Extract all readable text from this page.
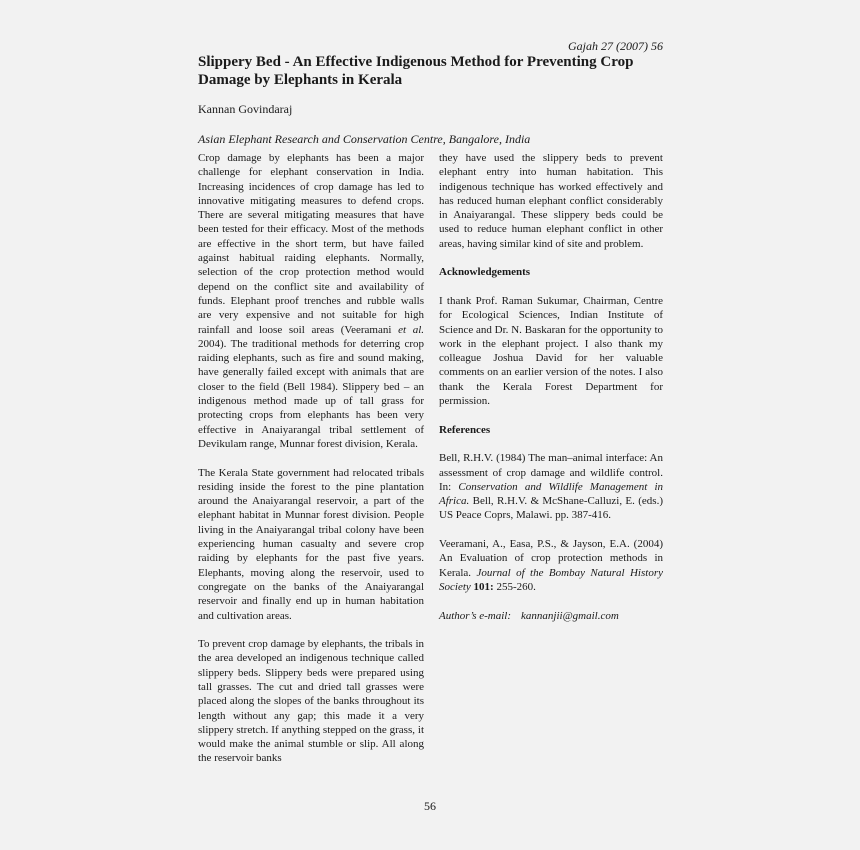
Gajah 27 (2007) 56
Slippery Bed - An Effective Indigenous Method for Preventing Crop Damage by Elephants in Kerala
Kannan Govindaraj
Asian Elephant Research and Conservation Centre, Bangalore, India

Crop damage by elephants has been a major challenge for elephant conservation in India. Increasing incidences of crop damage has led to innovative mitigating measures to defend crops. There are several mitigating measures that have been tested for their efficacy. Most of the methods are effective in the short term, but have failed against habitual raiding elephants. Normally, selection of the crop protection method would depend on the conflict site and availability of funds. Elephant proof trenches and rubble walls are very expensive and not suitable for high rainfall and loose soil areas (Veeramani et al. 2004). The traditional methods for deterring crop raiding elephants, such as fire and sound making, have generally failed except with animals that are closer to the field (Bell 1984). Slippery bed – an indigenous method made up of tall grass for protecting crops from elephants has been very effective in Anaiyarangal tribal settlement of Devikulam range, Munnar forest division, Kerala.

The Kerala State government had relocated tribals residing inside the forest to the pine plantation around the Anaiyarangal reservoir, a part of the elephant habitat in Munnar forest division. People living in the Anaiyarangal tribal colony have been experiencing human casualty and severe crop raiding by elephants for the past five years. Elephants, moving along the reservoir, used to congregate on the banks of the Anaiyarangal reservoir and finally end up in human habitation and cultivation areas.

To prevent crop damage by elephants, the tribals in the area developed an indigenous technique called slippery beds. Slippery beds were prepared using tall grasses. The cut and dried tall grasses were placed along the slopes of the banks throughout its length without any gap; this made it a very slippery stretch. If anything stepped on the grass, it would make the animal stumble or slip. All along the reservoir banks

they have used the slippery beds to prevent elephant entry into human habitation. This indigenous technique has worked effectively and has reduced human elephant conflict considerably in Anaiyarangal. These slippery beds could be used to reduce human elephant conflict in other areas, having similar kind of site and problem.

Acknowledgements

I thank Prof. Raman Sukumar, Chairman, Centre for Ecological Sciences, Indian Institute of Science and Dr. N. Baskaran for the opportunity to work in the elephant project. I also thank my colleague Joshua David for her valuable comments on an earlier version of the notes. I also thank the Kerala Forest Department for permission.

References

Bell, R.H.V. (1984) The man–animal interface: An assessment of crop damage and wildlife control. In: Conservation and Wildlife Management in Africa. Bell, R.H.V. & McShane-Calluzi, E. (eds.) US Peace Coprs, Malawi. pp. 387-416.

Veeramani, A., Easa, P.S., & Jayson, E.A. (2004) An Evaluation of crop protection methods in Kerala. Journal of the Bombay Natural History Society 101: 255-260.

Author’s e-mail: kannanjii@gmail.com

56
